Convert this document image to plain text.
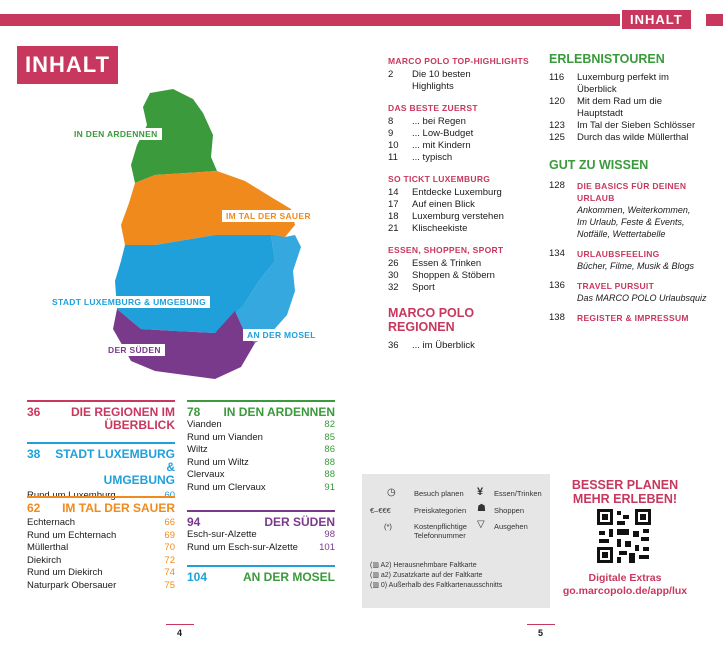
INHALT
INHALT
IN DEN ARDENNEN
IM TAL DER SAUER
STADT LUXEMBURG & UMGEBUNG
AN DER MOSEL
DER SÜDEN
36	DIE REGIONEN IM
ÜBERBLICK
38	STADT LUXEMBURG &
UMGEBUNG
Rund um Luxemburg	60
62	IM TAL DER SAUER
Echternach	66
Rund um Echternach	69
Müllerthal	70
Diekirch	72
Rund um Diekirch	74
Naturpark Obersauer	75
78	IN DEN ARDENNEN
Vianden	82
Rund um Vianden	85
Wiltz	86
Rund um Wiltz	88
Clervaux	88
Rund um Clervaux	91
94	DER SÜDEN
Esch-sur-Alzette	98
Rund um Esch-sur-Alzette 101
104	AN DER MOSEL
4
MARCO POLO TOP-HIGHLIGHTS
2	Die 10 besten
Highlights
DAS BESTE ZUERST
8	... bei Regen
9	... Low-Budget
10	... mit Kindern
11	... typisch
SO TICKT LUXEMBURG
14	Entdecke Luxemburg
17	Auf einen Blick
18	Luxemburg verstehen
21	Klischeekiste
ESSEN, SHOPPEN, SPORT
26	Essen & Trinken
30	Shoppen & Stöbern
32	Sport
MARCO POLO REGIONEN
36	... im Überblick
ERLEBNISTOUREN
116	Luxemburg perfekt im
Überblick
120	Mit dem Rad um die
Hauptstadt
123	Im Tal der Sieben Schlösser
125	Durch das wilde Müllerthal
GUT ZU WISSEN
128	DIE BASICS FÜR DEINEN
URLAUB
Ankommen, Weiterkommen,
Im Urlaub, Feste & Events,
Notfälle, Wettertabelle
134	URLAUBSFEELING
Bücher, Filme, Musik & Blogs
136	TRAVEL PURSUIT
Das MARCO POLO Urlaubsquiz
138	REGISTER & IMPRESSUM
◷ Besuch planen ¥ Essen/Trinken
€–€€€	Preiskategorien ☗ Shoppen
(*)	Kostenpflichtige
Telefonnummer
▽ Ausgehen
(▥ A2) Herausnehmbare Faltkarte
(▥ a2) Zusatzkarte auf der Faltkarte
(▥ 0) Außerhalb des Faltkartenausschnitts
BESSER PLANEN
MEHR ERLEBEN!
Digitale Extras
go.marcopolo.de/app/lux
5
